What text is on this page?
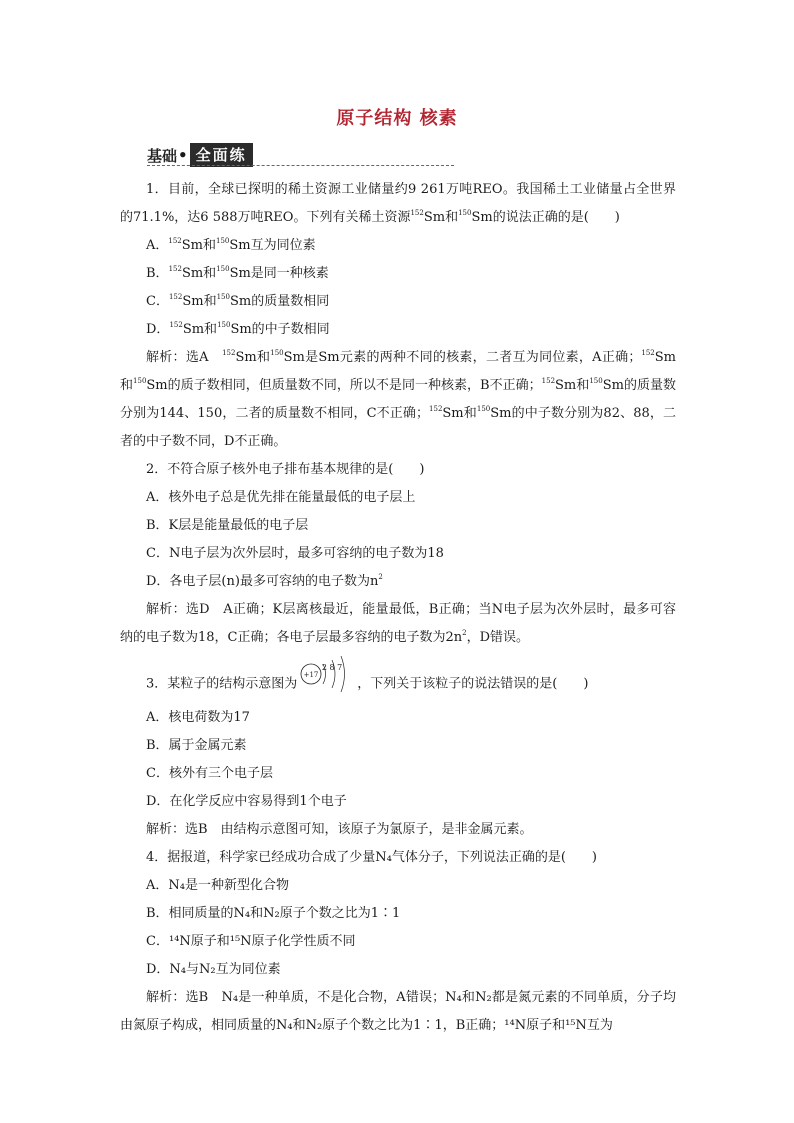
原子结构 核素
基础 • 全面练

1．目前，全球已探明的稀土资源工业储量约9 261万吨REO。我国稀土工业储量占全世界的71.1%，达6 588万吨REO。下列有关稀土资源$^{152}$Sm和$^{150}$Sm的说法正确的是(　　)

A．$^{152}$Sm和$^{150}$Sm互为同位素

B．$^{152}$Sm和$^{150}$Sm是同一种核素

C．$^{152}$Sm和$^{150}$Sm的质量数相同

D．$^{152}$Sm和$^{150}$Sm的中子数相同

解析：选A　$^{152}$Sm和$^{150}$Sm是Sm元素的两种不同的核素，二者互为同位素，A正确；$^{152}$Sm和$^{150}$Sm的质子数相同，但质量数不同，所以不是同一种核素，B不正确；$^{152}$Sm和$^{150}$Sm的质量数分别为144、150，二者的质量数不相同，C不正确；$^{152}$Sm和$^{150}$Sm的中子数分别为82、88，二者的中子数不同，D不正确。

2．不符合原子核外电子排布基本规律的是(　　)

A．核外电子总是优先排在能量最低的电子层上

B．K层是能量最低的电子层

C．N电子层为次外层时，最多可容纳的电子数为18

D．各电子层(n)最多可容纳的电子数为$n^2$

解析：选D　A正确；K层离核最近，能量最低，B正确；当N电子层为次外层时，最多可容纳的电子数为18，C正确；各电子层最多容纳的电子数为$2n^2$，D错误。

3．某粒子的结构示意图为
+17
2 8 7
，下列关于该粒子的说法错误的是(　　)

A．核电荷数为17

B．属于金属元素

C．核外有三个电子层

D．在化学反应中容易得到1个电子

解析：选B　由结构示意图可知，该原子为氯原子，是非金属元素。

4．据报道，科学家已经成功合成了少量N₄气体分子，下列说法正确的是(　　)

A．N₄是一种新型化合物

B．相同质量的N₄和N₂原子个数之比为1∶1

C．¹⁴N原子和¹⁵N原子化学性质不同

D．N₄与N₂互为同位素

解析：选B　N₄是一种单质，不是化合物，A错误；N₄和N₂都是氮元素的不同单质，分子均由氮原子构成，相同质量的N₄和N₂原子个数之比为1∶1，B正确；¹⁴N原子和¹⁵N互为
